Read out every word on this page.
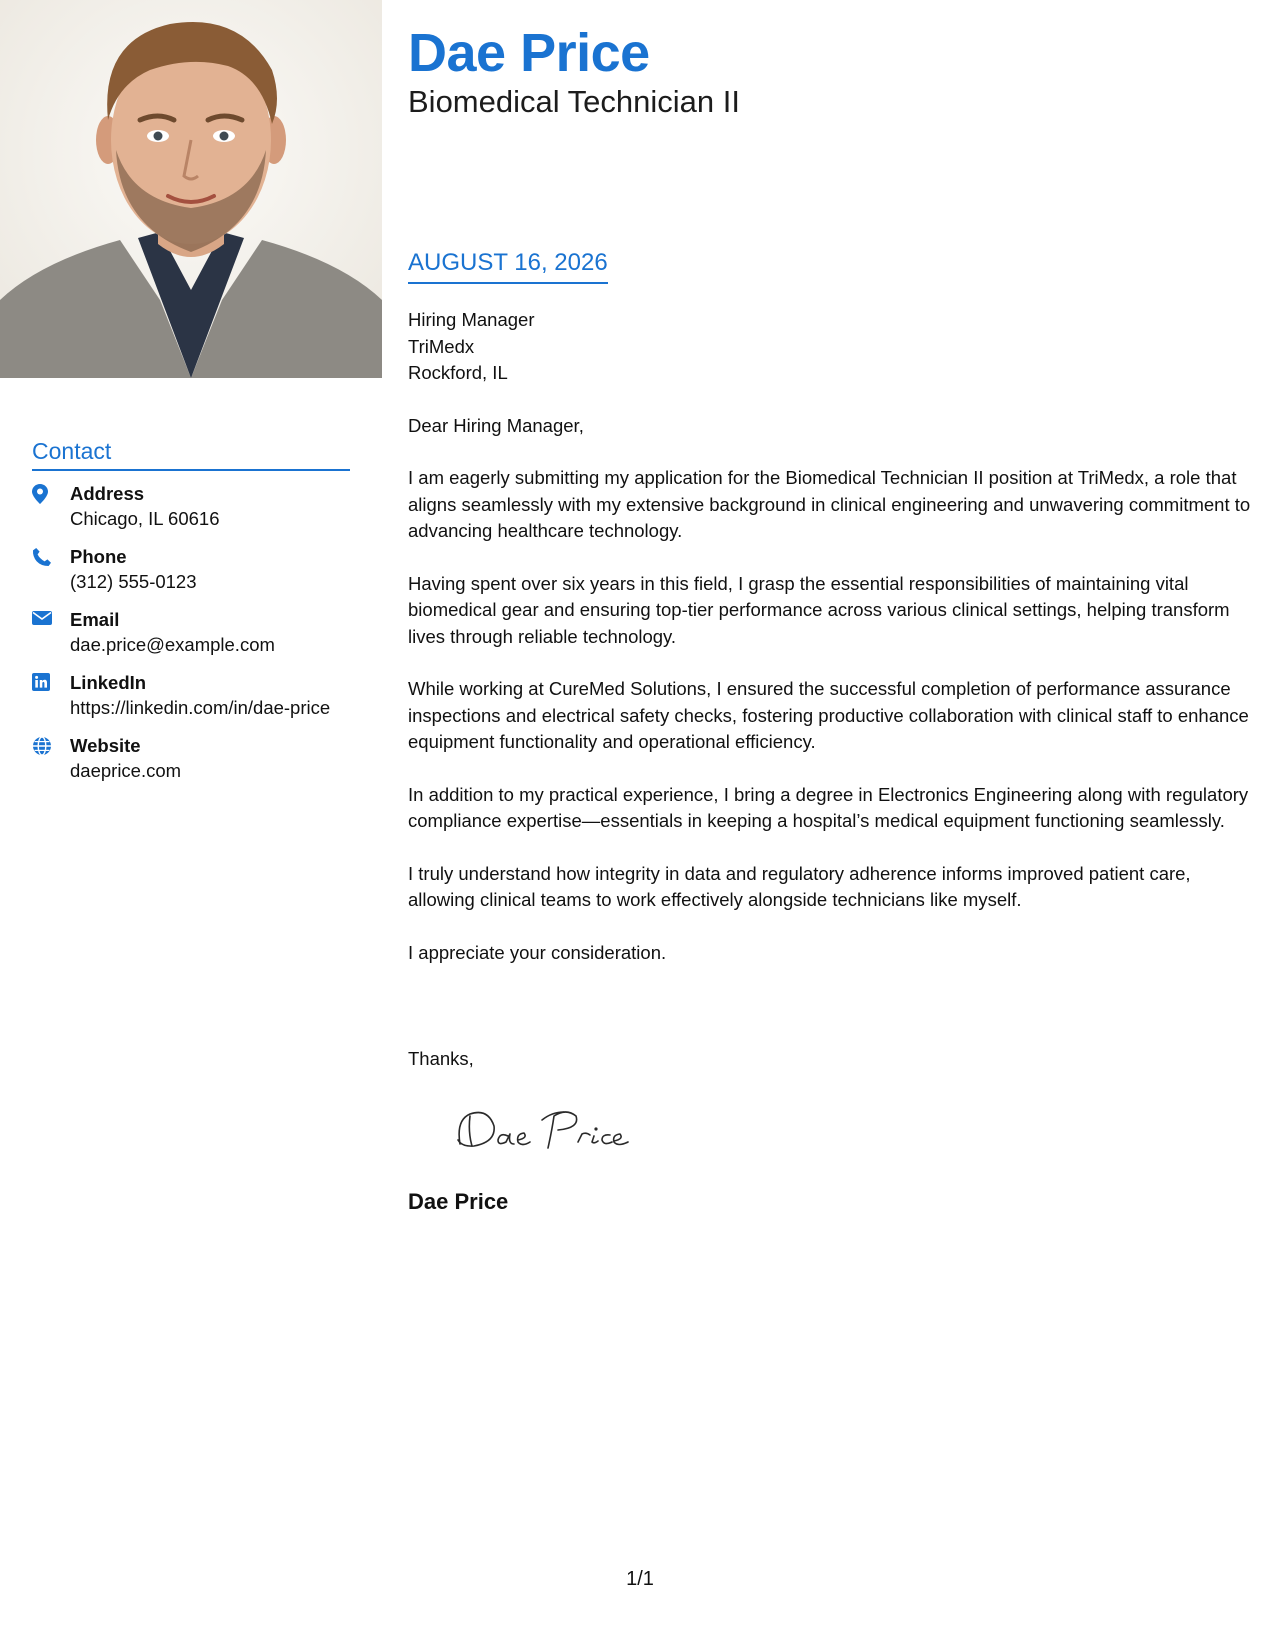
Dae Price
Biomedical Technician II
Contact
Address
Chicago, IL 60616
Phone
(312) 555-0123
Email
dae.price@example.com
LinkedIn
https://linkedin.com/in/dae-price
Website
daeprice.com
AUGUST 16, 2026
Hiring Manager
TriMedx
Rockford, IL
Dear Hiring Manager,

I am eagerly submitting my application for the Biomedical Technician II position at TriMedx, a role that aligns seamlessly with my extensive background in clinical engineering and unwavering commitment to advancing healthcare technology.

Having spent over six years in this field, I grasp the essential responsibilities of maintaining vital biomedical gear and ensuring top-tier performance across various clinical settings, helping transform lives through reliable technology.

While working at CureMed Solutions, I ensured the successful completion of performance assurance inspections and electrical safety checks, fostering productive collaboration with clinical staff to enhance equipment functionality and operational efficiency.

In addition to my practical experience, I bring a degree in Electronics Engineering along with regulatory compliance expertise—essentials in keeping a hospital’s medical equipment functioning seamlessly.

I truly understand how integrity in data and regulatory adherence informs improved patient care, allowing clinical teams to work effectively alongside technicians like myself.

I appreciate your consideration.

Thanks,
Dae Price
1/1
